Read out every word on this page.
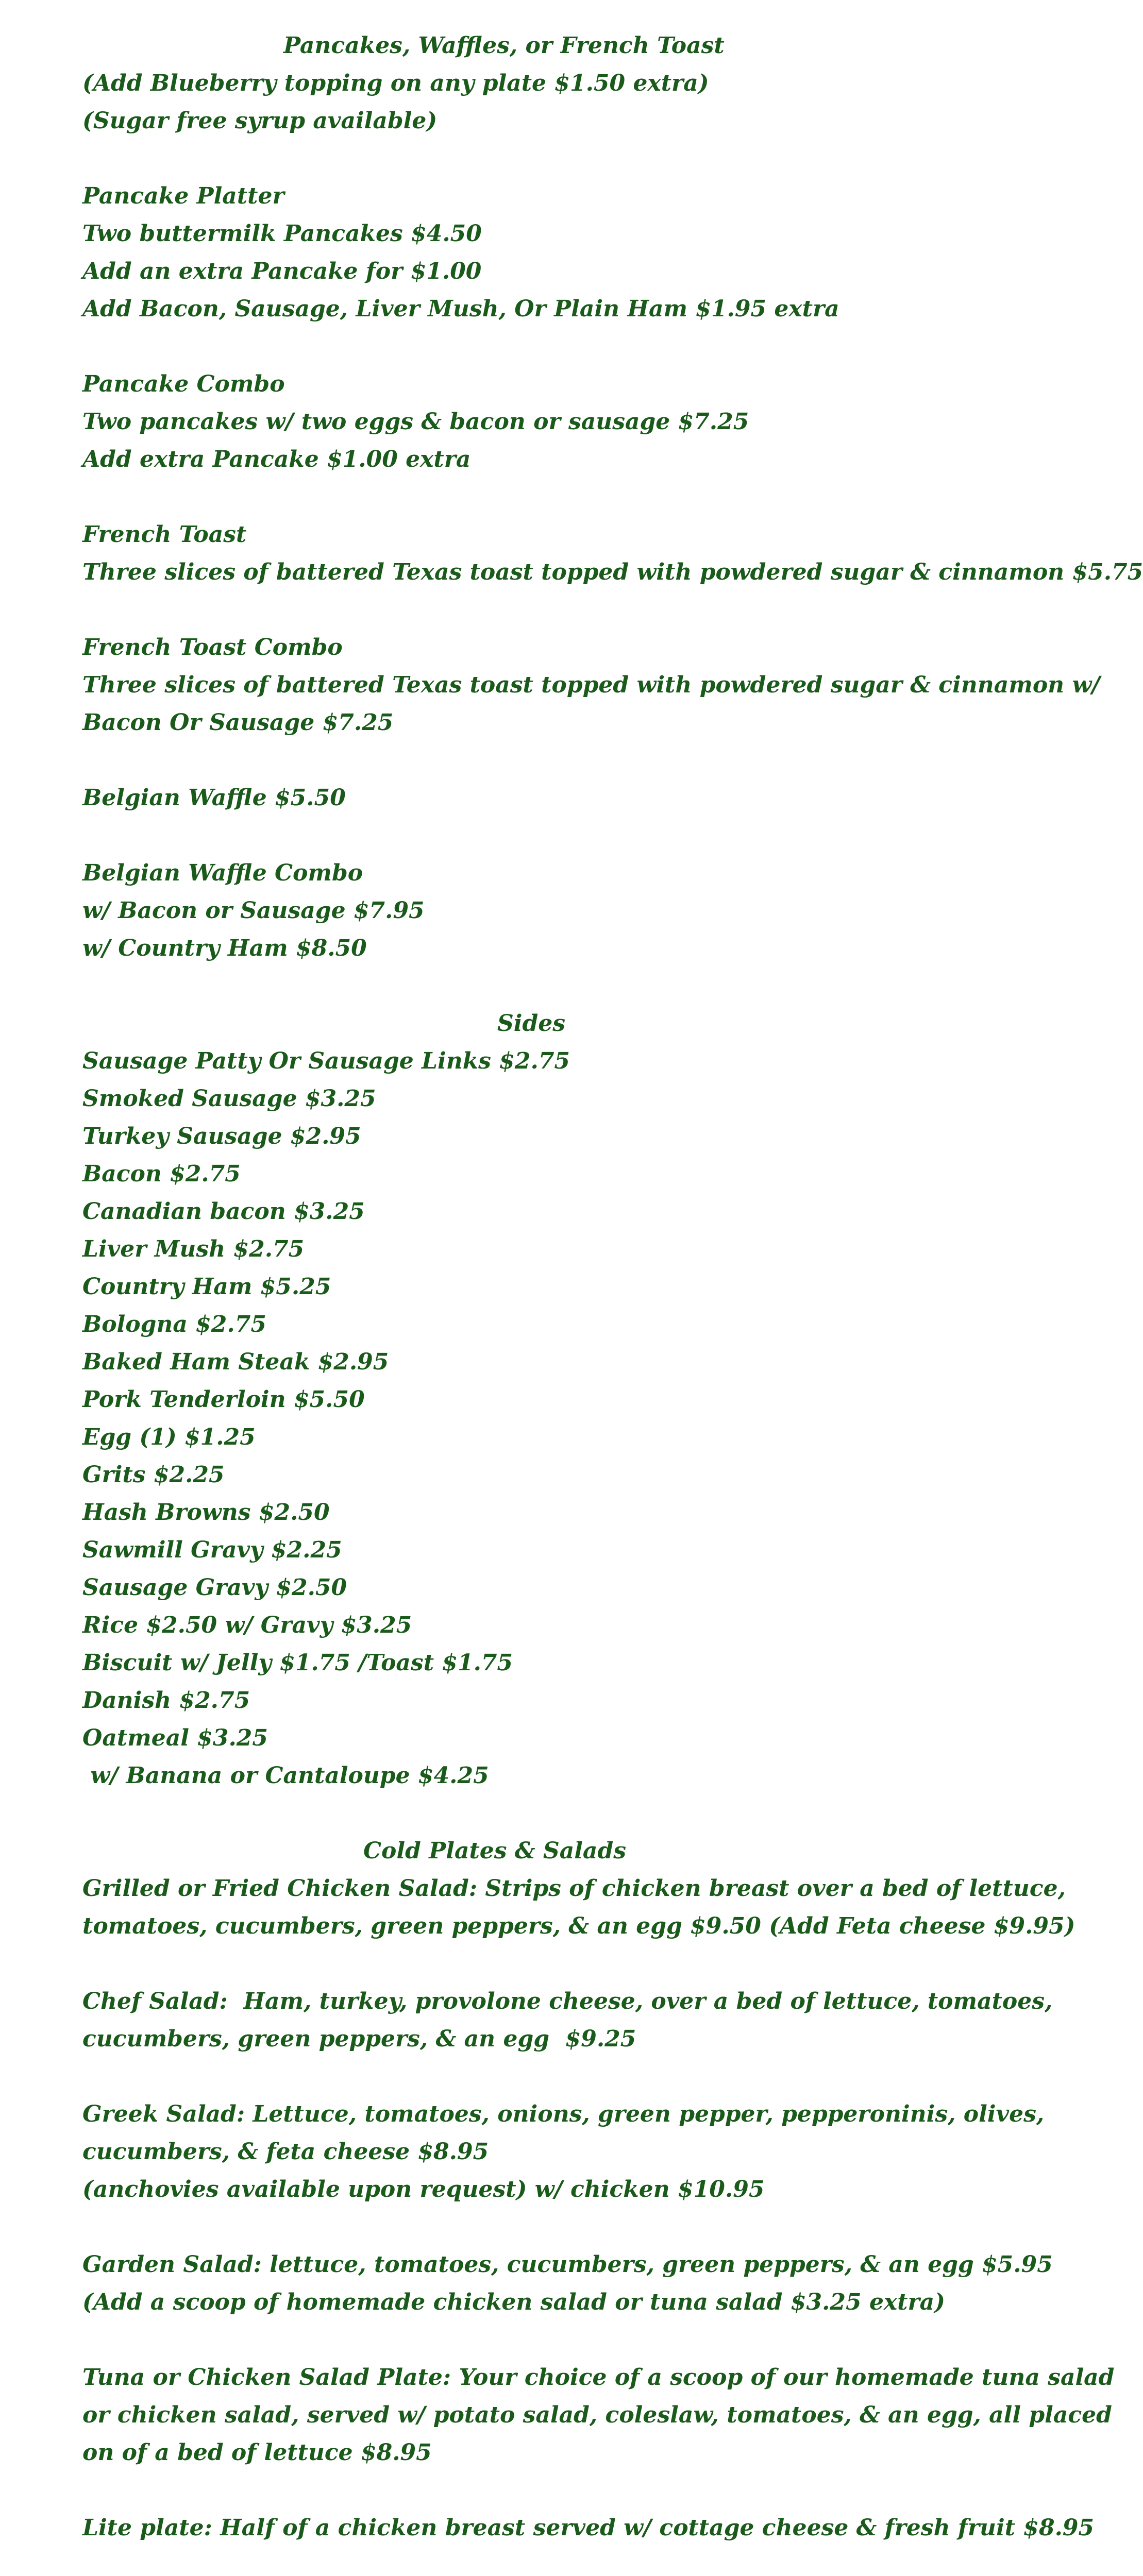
Pancakes, Waffles, or French Toast
(Add Blueberry topping on any plate $1.50 extra)
(Sugar free syrup available)
Pancake Platter
Two buttermilk Pancakes $4.50
Add an extra Pancake for $1.00
Add Bacon, Sausage, Liver Mush, Or Plain Ham $1.95 extra
Pancake Combo
Two pancakes w/ two eggs & bacon or sausage $7.25
Add extra Pancake $1.00 extra
French Toast
Three slices of battered Texas toast topped with powdered sugar & cinnamon $5.75
French Toast Combo
Three slices of battered Texas toast topped with powdered sugar & cinnamon w/
Bacon Or Sausage $7.25
Belgian Waffle $5.50
Belgian Waffle Combo
w/ Bacon or Sausage $7.95
w/ Country Ham $8.50
Sides
Sausage Patty Or Sausage Links $2.75
Smoked Sausage $3.25
Turkey Sausage $2.95
Bacon $2.75
Canadian bacon $3.25
Liver Mush $2.75
Country Ham $5.25
Bologna $2.75
Baked Ham Steak $2.95
Pork Tenderloin $5.50
Egg (1) $1.25
Grits $2.25
Hash Browns $2.50
Sawmill Gravy $2.25
Sausage Gravy $2.50
Rice $2.50 w/ Gravy $3.25
Biscuit w/ Jelly $1.75 /Toast $1.75
Danish $2.75
Oatmeal $3.25
w/ Banana or Cantaloupe $4.25
Cold Plates & Salads
Grilled or Fried Chicken Salad: Strips of chicken breast over a bed of lettuce,
tomatoes, cucumbers, green peppers, & an egg $9.50 (Add Feta cheese $9.95)
Chef Salad:  Ham, turkey, provolone cheese, over a bed of lettuce, tomatoes,
cucumbers, green peppers, & an egg  $9.25
Greek Salad: Lettuce, tomatoes, onions, green pepper, pepperoninis, olives,
cucumbers, & feta cheese $8.95
(anchovies available upon request) w/ chicken $10.95
Garden Salad: lettuce, tomatoes, cucumbers, green peppers, & an egg $5.95
(Add a scoop of homemade chicken salad or tuna salad $3.25 extra)
Tuna or Chicken Salad Plate: Your choice of a scoop of our homemade tuna salad
or chicken salad, served w/ potato salad, coleslaw, tomatoes, & an egg, all placed
on of a bed of lettuce $8.95
Lite plate: Half of a chicken breast served w/ cottage cheese & fresh fruit $8.95
